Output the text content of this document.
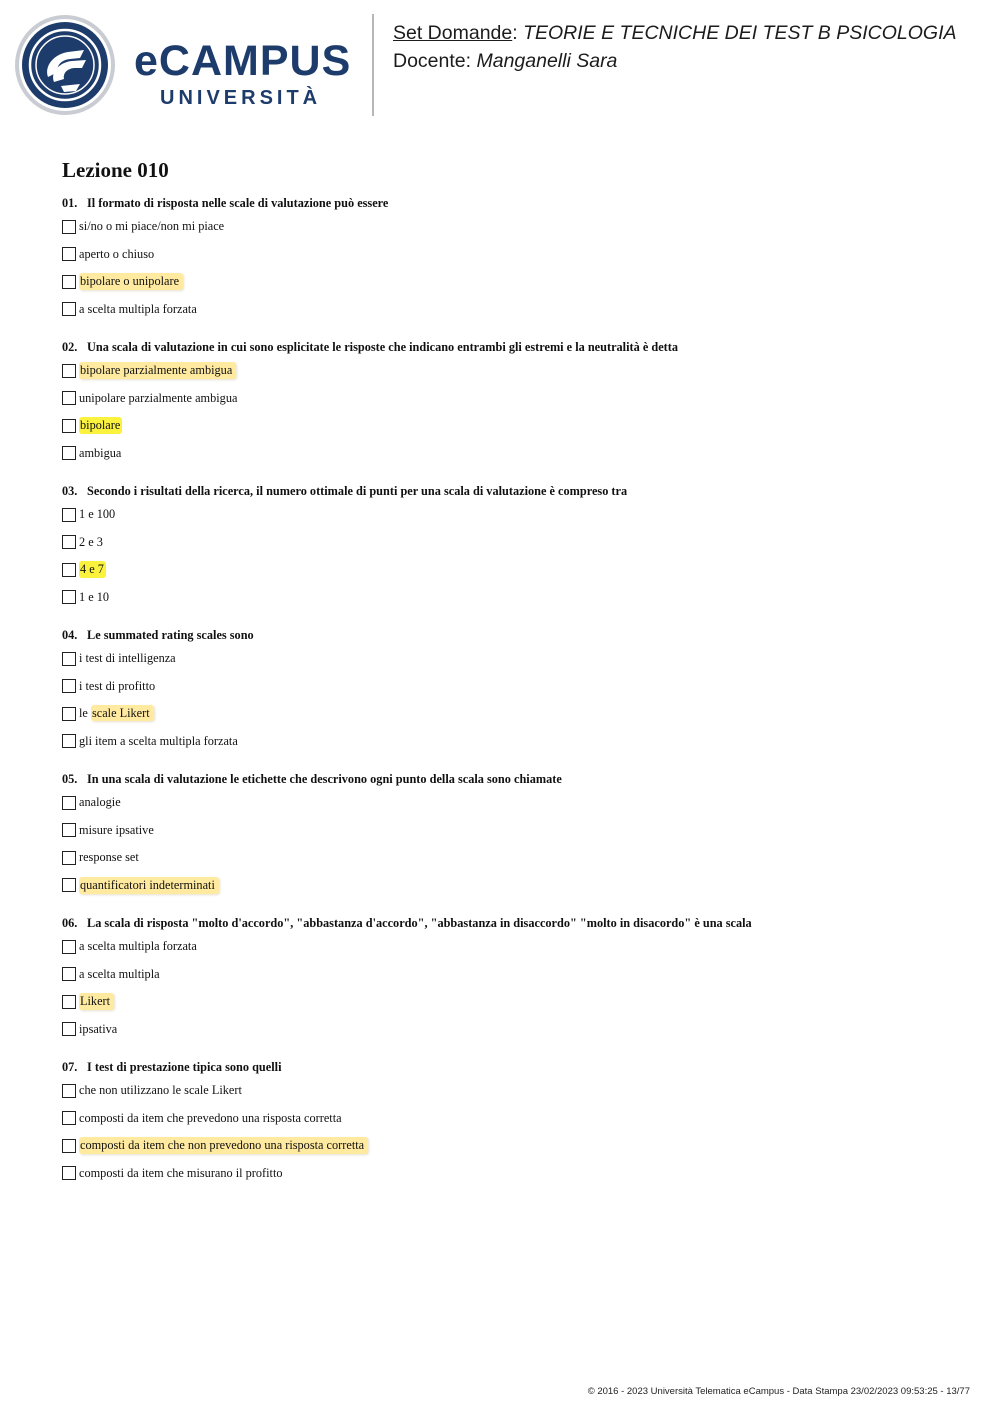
eCAMPUS
UNIVERSITÀ
Set Domande: TEORIE E TECNICHE DEI TEST B PSICOLOGIA
Docente: Manganelli Sara
Lezione 010
01. Il formato di risposta nelle scale di valutazione può essere
si/no o mi piace/non mi piace
aperto o chiuso
bipolare o unipolare
a scelta multipla forzata
02. Una scala di valutazione in cui sono esplicitate le risposte che indicano entrambi gli estremi e la neutralità è detta
bipolare parzialmente ambigua
unipolare parzialmente ambigua
bipolare
ambigua
03. Secondo i risultati della ricerca, il numero ottimale di punti per una scala di valutazione è compreso tra
1 e 100
2 e 3
4 e 7
1 e 10
04. Le summated rating scales sono
i test di intelligenza
i test di profitto
le scale Likert
gli item a scelta multipla forzata
05. In una scala di valutazione le etichette che descrivono ogni punto della scala sono chiamate
analogie
misure ipsative
response set
quantificatori indeterminati
06. La scala di risposta "molto d'accordo", "abbastanza d'accordo", "abbastanza in disaccordo" "molto in disacordo" è una scala
a scelta multipla forzata
a scelta multipla
Likert
ipsativa
07. I test di prestazione tipica sono quelli
che non utilizzano le scale Likert
composti da item che prevedono una risposta corretta
composti da item che non prevedono una risposta corretta
composti da item che misurano il profitto
© 2016 - 2023 Università Telematica eCampus - Data Stampa 23/02/2023 09:53:25 - 13/77
